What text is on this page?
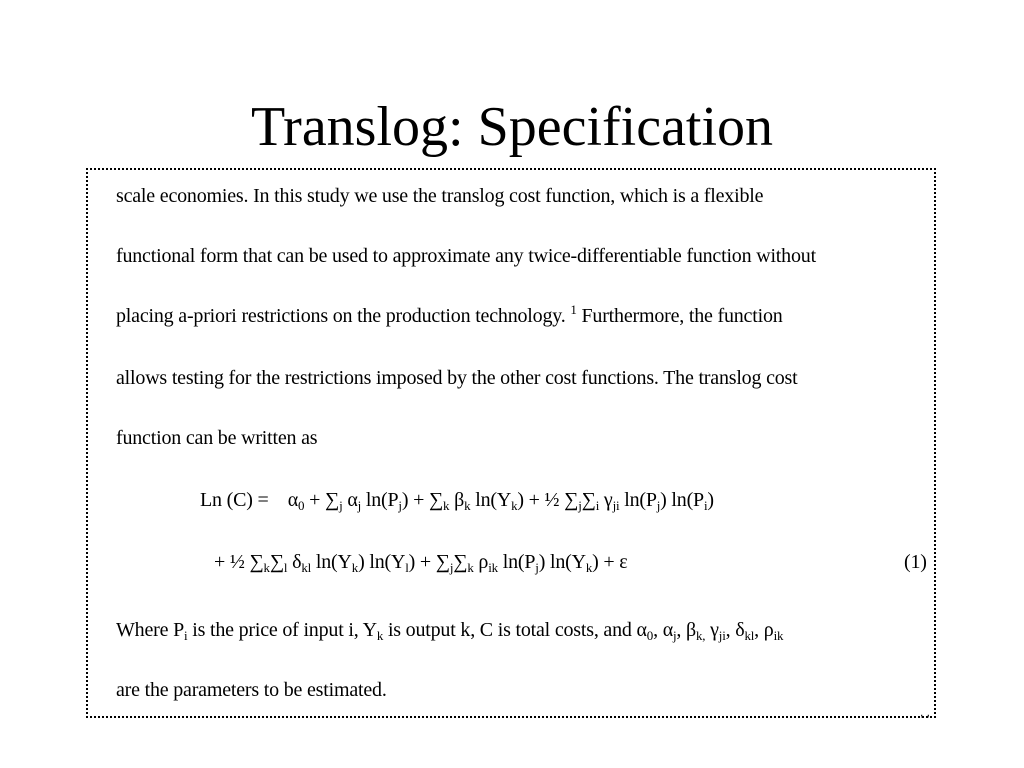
Translog: Specification
scale economies. In this study we use the translog cost function, which is a flexible
functional form that can be used to approximate any twice-differentiable function without
placing a-priori restrictions on the production technology. $^1$ Furthermore, the function
allows testing for the restrictions imposed by the other cost functions. The translog cost
function can be written as
Ln (C) =    $\alpha_0 + \sum_j$ $\alpha_j$ $\ln(P_j) + \sum_k$ $\beta_k$ $\ln(Y_k)$ + ½ $\sum_j\sum_i$ $\gamma_{ji}$ $\ln(P_j)$ $\ln(P_i)$
+ ½ $\sum_k\sum_l$ $\delta_{kl}$ $\ln(Y_k) \ln(Y_l) + \sum_j\sum_k$ $\rho_{ik}$ $\ln(P_j) \ln(Y_k) + \varepsilon$	(1)
Where $P_i$ is the price of input i, $Y_k$ is output k, C is total costs, and $\alpha_0$, $\alpha_j$, $\beta_{k,}$ $\gamma_{ji}$, $\delta_{kl}$, $\rho_{ik}$
are the parameters to be estimated.
, ,
